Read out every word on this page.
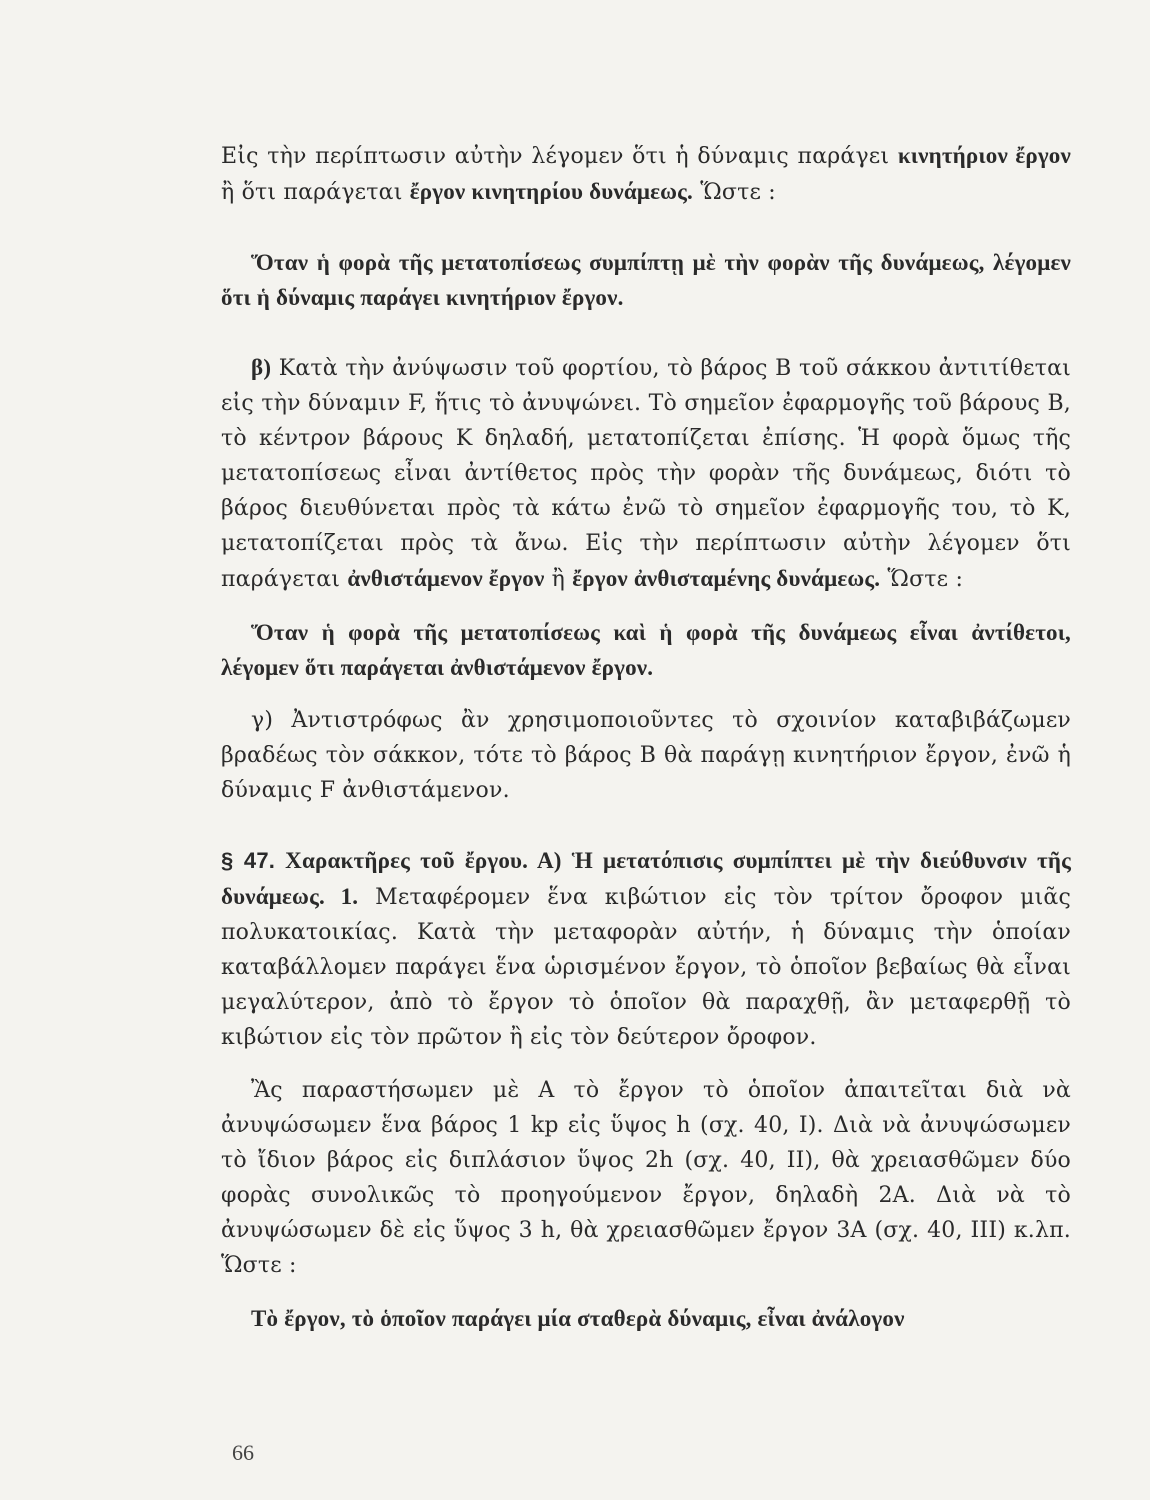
Εἰς τὴν περίπτωσιν αὐτὴν λέγομεν ὅτι ἡ δύναμις παράγει κινητήριον ἔργον ἢ ὅτι παράγεται ἔργον κινητηρίου δυνάμεως. Ὥστε :

Ὅταν ἡ φορὰ τῆς μετατοπίσεως συμπίπτῃ μὲ τὴν φορὰν τῆς δυνάμεως, λέγομεν ὅτι ἡ δύναμις παράγει κινητήριον ἔργον.

β) Κατὰ τὴν ἀνύψωσιν τοῦ φορτίου, τὸ βάρος Β τοῦ σάκκου ἀντιτίθεται εἰς τὴν δύναμιν F, ἥτις τὸ ἀνυψώνει. Τὸ σημεῖον ἐφαρμογῆς τοῦ βάρους Β, τὸ κέντρον βάρους Κ δηλαδή, μετατοπίζεται ἐπίσης. Ἡ φορὰ ὅμως τῆς μετατοπίσεως εἶναι ἀντίθετος πρὸς τὴν φορὰν τῆς δυνάμεως, διότι τὸ βάρος διευθύνεται πρὸς τὰ κάτω ἐνῶ τὸ σημεῖον ἐφαρμογῆς του, τὸ Κ, μετατοπίζεται πρὸς τὰ ἄνω. Εἰς τὴν περίπτωσιν αὐτὴν λέγομεν ὅτι παράγεται ἀνθιστάμενον ἔργον ἢ ἔργον ἀνθισταμένης δυνάμεως. Ὥστε :

Ὅταν ἡ φορὰ τῆς μετατοπίσεως καὶ ἡ φορὰ τῆς δυνάμεως εἶναι ἀντίθετοι, λέγομεν ὅτι παράγεται ἀνθιστάμενον ἔργον.

γ) Ἀντιστρόφως ἂν χρησιμοποιοῦντες τὸ σχοινίον καταβιβάζωμεν βραδέως τὸν σάκκον, τότε τὸ βάρος Β θὰ παράγῃ κινητήριον ἔργον, ἐνῶ ἡ δύναμις F ἀνθιστάμενον.

§ 47. Χαρακτῆρες τοῦ ἔργου. Α) Ἡ μετατόπισις συμπίπτει μὲ τὴν διεύθυνσιν τῆς δυνάμεως. 1. Μεταφέρομεν ἕνα κιβώτιον εἰς τὸν τρίτον ὄροφον μιᾶς πολυκατοικίας. Κατὰ τὴν μεταφορὰν αὐτήν, ἡ δύναμις τὴν ὁποίαν καταβάλλομεν παράγει ἕνα ὡρισμένον ἔργον, τὸ ὁποῖον βεβαίως θὰ εἶναι μεγαλύτερον, ἀπὸ τὸ ἔργον τὸ ὁποῖον θὰ παραχθῇ, ἂν μεταφερθῇ τὸ κιβώτιον εἰς τὸν πρῶτον ἢ εἰς τὸν δεύτερον ὄροφον.

Ἂς παραστήσωμεν μὲ Α τὸ ἔργον τὸ ὁποῖον ἀπαιτεῖται διὰ νὰ ἀνυψώσωμεν ἕνα βάρος 1 kp εἰς ὕψος h (σχ. 40, I). Διὰ νὰ ἀνυψώσωμεν τὸ ἴδιον βάρος εἰς διπλάσιον ὕψος 2h (σχ. 40, II), θὰ χρειασθῶμεν δύο φορὰς συνολικῶς τὸ προηγούμενον ἔργον, δηλαδὴ 2Α. Διὰ νὰ τὸ ἀνυψώσωμεν δὲ εἰς ὕψος 3 h, θὰ χρειασθῶμεν ἔργον 3Α (σχ. 40, III) κ.λπ. Ὥστε :

Τὸ ἔργον, τὸ ὁποῖον παράγει μία σταθερὰ δύναμις, εἶναι ἀνάλογον

66
